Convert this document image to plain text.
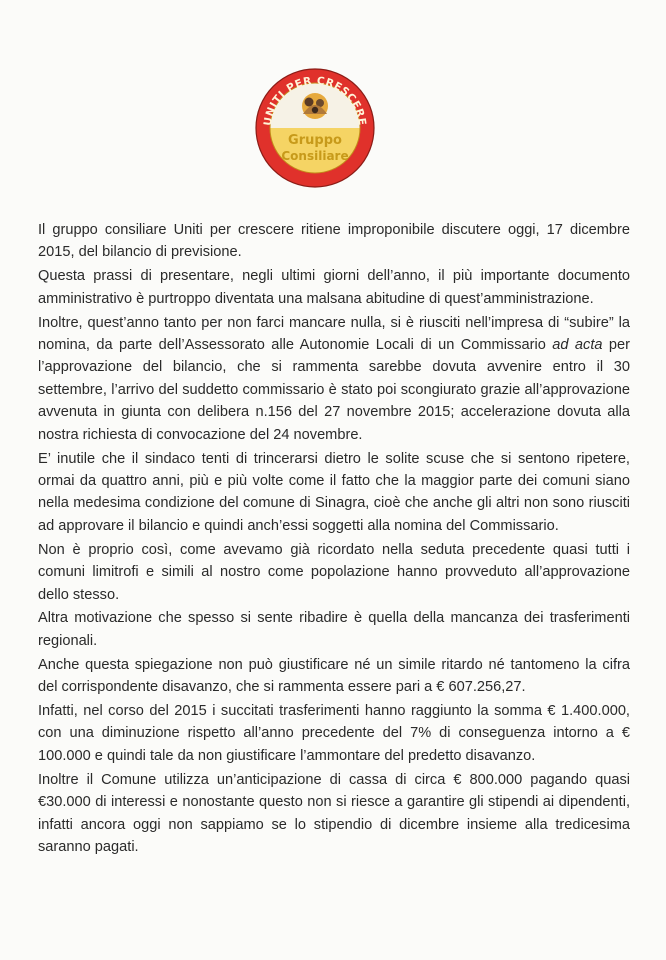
UNITI PER CRESCERE
Gruppo
Consiliare

Il gruppo consiliare Uniti per crescere ritiene improponibile discutere oggi, 17 dicembre 2015, del bilancio di previsione.

Questa prassi di presentare, negli ultimi giorni dell’anno, il più importante documento amministrativo è purtroppo diventata una malsana abitudine di quest’amministrazione.

Inoltre, quest’anno tanto per non farci mancare nulla, si è riusciti nell’impresa di “subire” la nomina, da parte dell’Assessorato alle Autonomie Locali di un Commissario ad acta per l’approvazione del bilancio, che si rammenta sarebbe dovuta avvenire entro il 30 settembre, l’arrivo del suddetto commissario è stato poi scongiurato grazie all’approvazione avvenuta in giunta con delibera n.156 del 27 novembre 2015; accelerazione dovuta alla nostra richiesta di convocazione del 24 novembre.

E’ inutile che il sindaco tenti di trincerarsi dietro le solite scuse che si sentono ripetere, ormai da quattro anni, più e più volte come il fatto che la maggior parte dei comuni siano nella medesima condizione del comune di Sinagra, cioè che anche gli altri non sono riusciti ad approvare il bilancio e quindi anch’essi soggetti alla nomina del Commissario.

Non è proprio così, come avevamo già ricordato nella seduta precedente quasi tutti i comuni limitrofi e simili al nostro come popolazione hanno provveduto all’approvazione dello stesso.

Altra motivazione che spesso si sente ribadire è quella della mancanza dei trasferimenti regionali.

Anche questa spiegazione non può giustificare né un simile ritardo né tantomeno la cifra del corrispondente disavanzo, che si rammenta essere pari a € 607.256,27.

Infatti, nel corso del 2015 i succitati trasferimenti hanno raggiunto la somma € 1.400.000, con una diminuzione rispetto all’anno precedente del 7% di conseguenza intorno a € 100.000 e quindi tale da non giustificare l’ammontare del predetto disavanzo.

Inoltre il Comune utilizza un’anticipazione di cassa di circa € 800.000 pagando quasi €30.000 di interessi e nonostante questo non si riesce a garantire gli stipendi ai dipendenti, infatti ancora oggi non sappiamo se lo stipendio di dicembre insieme alla tredicesima saranno pagati.
